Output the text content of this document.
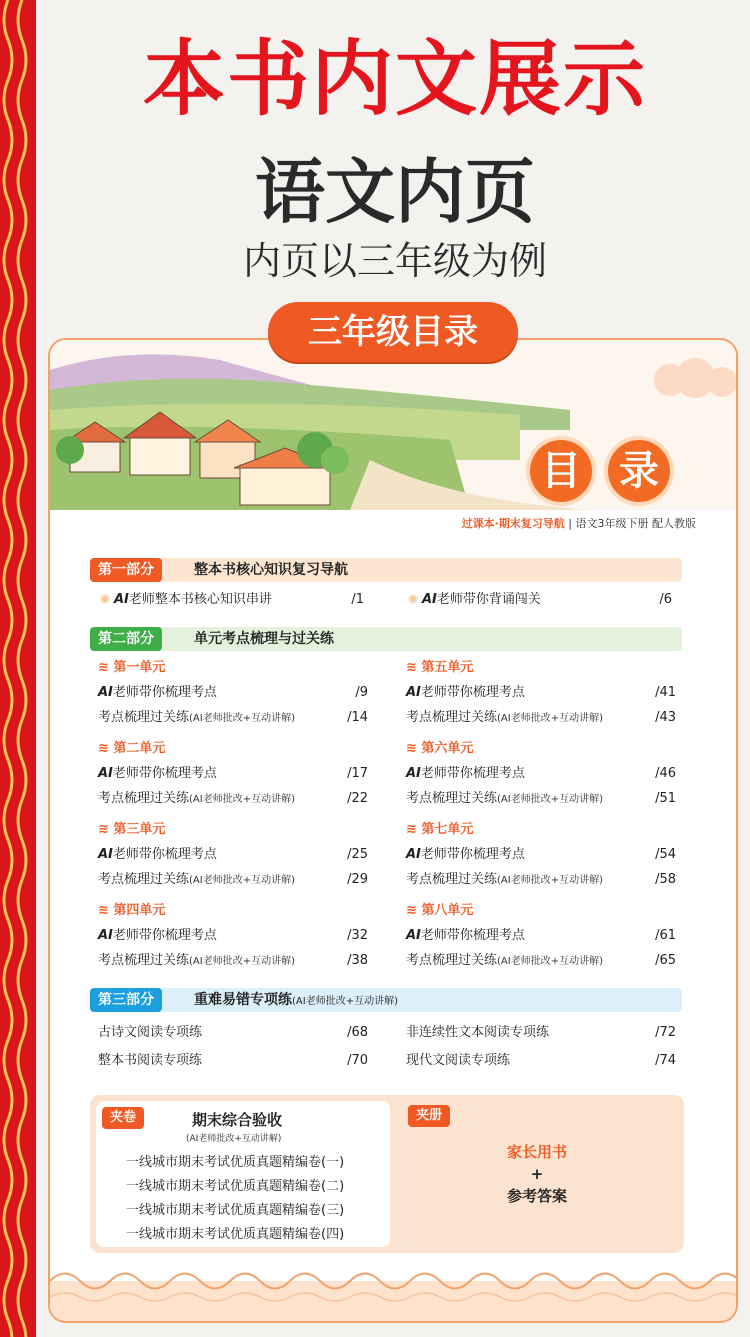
本书内文展示
语文内页
内页以三年级为例
三年级目录
目 录
过课本·期末复习导航 | 语文3年级下册 配人教版
第一部分	整本书核心知识复习导航
AI老师整本书核心知识串讲	/1	AI老师带你背诵闯关	/6
第二部分	单元考点梳理与过关练
≋ 第一单元
AI老师带你梳理考点	/9
考点梳理过关练(AI老师批改+互动讲解)	/14
≋ 第二单元
AI老师带你梳理考点	/17
考点梳理过关练(AI老师批改+互动讲解)	/22
≋ 第三单元
AI老师带你梳理考点	/25
考点梳理过关练(AI老师批改+互动讲解)	/29
≋ 第四单元
AI老师带你梳理考点	/32
考点梳理过关练(AI老师批改+互动讲解)	/38
≋ 第五单元
AI老师带你梳理考点	/41
考点梳理过关练(AI老师批改+互动讲解)	/43
≋ 第六单元
AI老师带你梳理考点	/46
考点梳理过关练(AI老师批改+互动讲解)	/51
≋ 第七单元
AI老师带你梳理考点	/54
考点梳理过关练(AI老师批改+互动讲解)	/58
≋ 第八单元
AI老师带你梳理考点	/61
考点梳理过关练(AI老师批改+互动讲解)	/65
第三部分	重难易错专项练(AI老师批改+互动讲解)
古诗文阅读专项练	/68
整本书阅读专项练	/70
非连续性文本阅读专项练	/72
现代文阅读专项练	/74
夹卷	期末综合验收
(AI老师批改+互动讲解)
一线城市期末考试优质真题精编卷(一)
一线城市期末考试优质真题精编卷(二)
一线城市期末考试优质真题精编卷(三)
一线城市期末考试优质真题精编卷(四)
夹册
家长用书
+
参考答案
